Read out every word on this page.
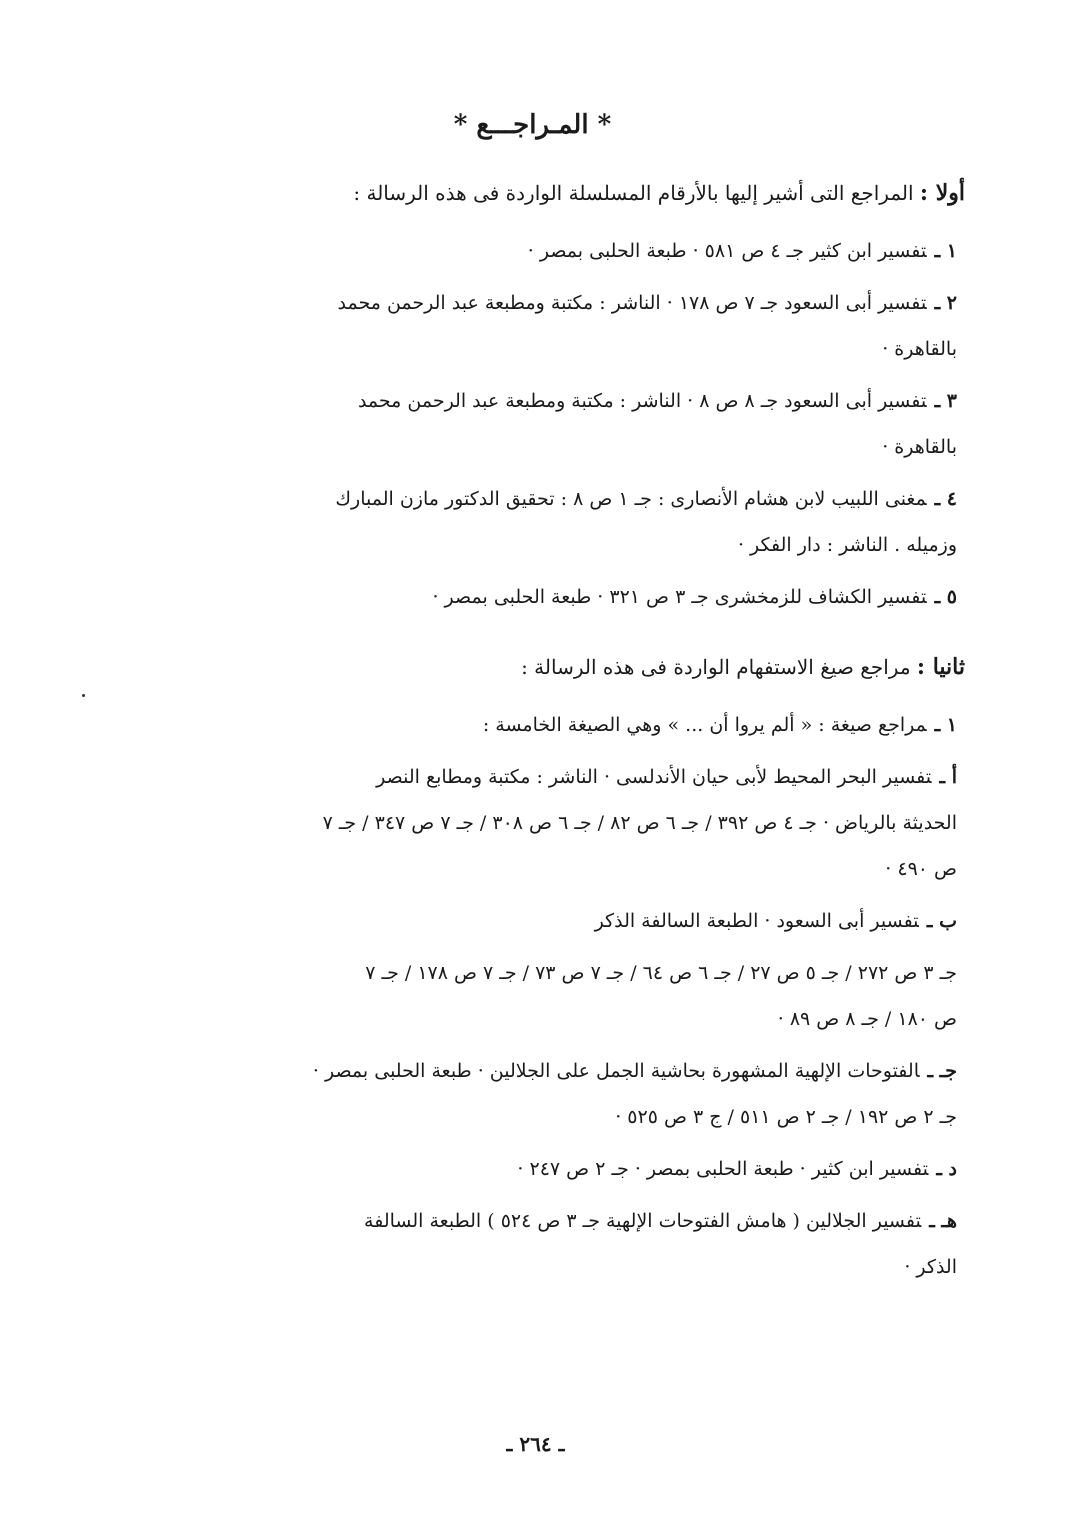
* المـراجـــع *
أولا : المراجع التى أشير إليها بالأرقام المسلسلة الواردة فى هذه الرسالة :
١ ـتفسير ابن كثير جـ ٤ ص ٥٨١ · طبعة الحلبى بمصر ·
٢ ـتفسير أبى السعود جـ ٧ ص ١٧٨ · الناشر : مكتبة ومطبعة عبد الرحمن محمد
بالقاهرة ·
٣ ـتفسير أبى السعود جـ ٨ ص ٨ · الناشر : مكتبة ومطبعة عبد الرحمن محمد
بالقاهرة ·
٤ ـمغنى اللبيب لابن هشام الأنصارى : جـ ١ ص ٨ : تحقيق الدكتور مازن المبارك
وزميله . الناشر : دار الفكر ·
٥ ـتفسير الكشاف للزمخشرى جـ ٣ ص ٣٢١ · طبعة الحلبى بمصر ·
ثانيا : مراجع صيغ الاستفهام الواردة فى هذه الرسالة :
١ ـمراجع صيغة : « ألم يروا أن ... » وهي الصيغة الخامسة :
أ ـتفسير البحر المحيط لأبى حيان الأندلسى · الناشر : مكتبة ومطابع النصر
الحديثة بالرياض · جـ ٤ ص ٣٩٢ / جـ ٦ ص ٨٢ / جـ ٦ ص ٣٠٨ / جـ ٧ ص ٣٤٧ / جـ ٧
ص ٤٩٠ ·
ب ـتفسير أبى السعود · الطبعة السالفة الذكر
جـ ٣ ص ٢٧٢ / جـ ٥ ص ٢٧ / جـ ٦ ص ٦٤ / جـ ٧ ص ٧٣ / جـ ٧ ص ١٧٨ / جـ ٧
ص ١٨٠ / جـ ٨ ص ٨٩ ·
جـ ـالفتوحات الإلهية المشهورة بحاشية الجمل على الجلالين · طبعة الحلبى بمصر ·
جـ ٢ ص ١٩٢ / جـ ٢ ص ٥١١ / ج ٣ ص ٥٢٥ ·
د ـتفسير ابن كثير · طبعة الحلبى بمصر · جـ ٢ ص ٢٤٧ ·
هـ ـتفسير الجلالين ( هامش الفتوحات الإلهية جـ ٣ ص ٥٢٤ ) الطبعة السالفة
الذكر ·
ـ ٢٦٤ ـ
